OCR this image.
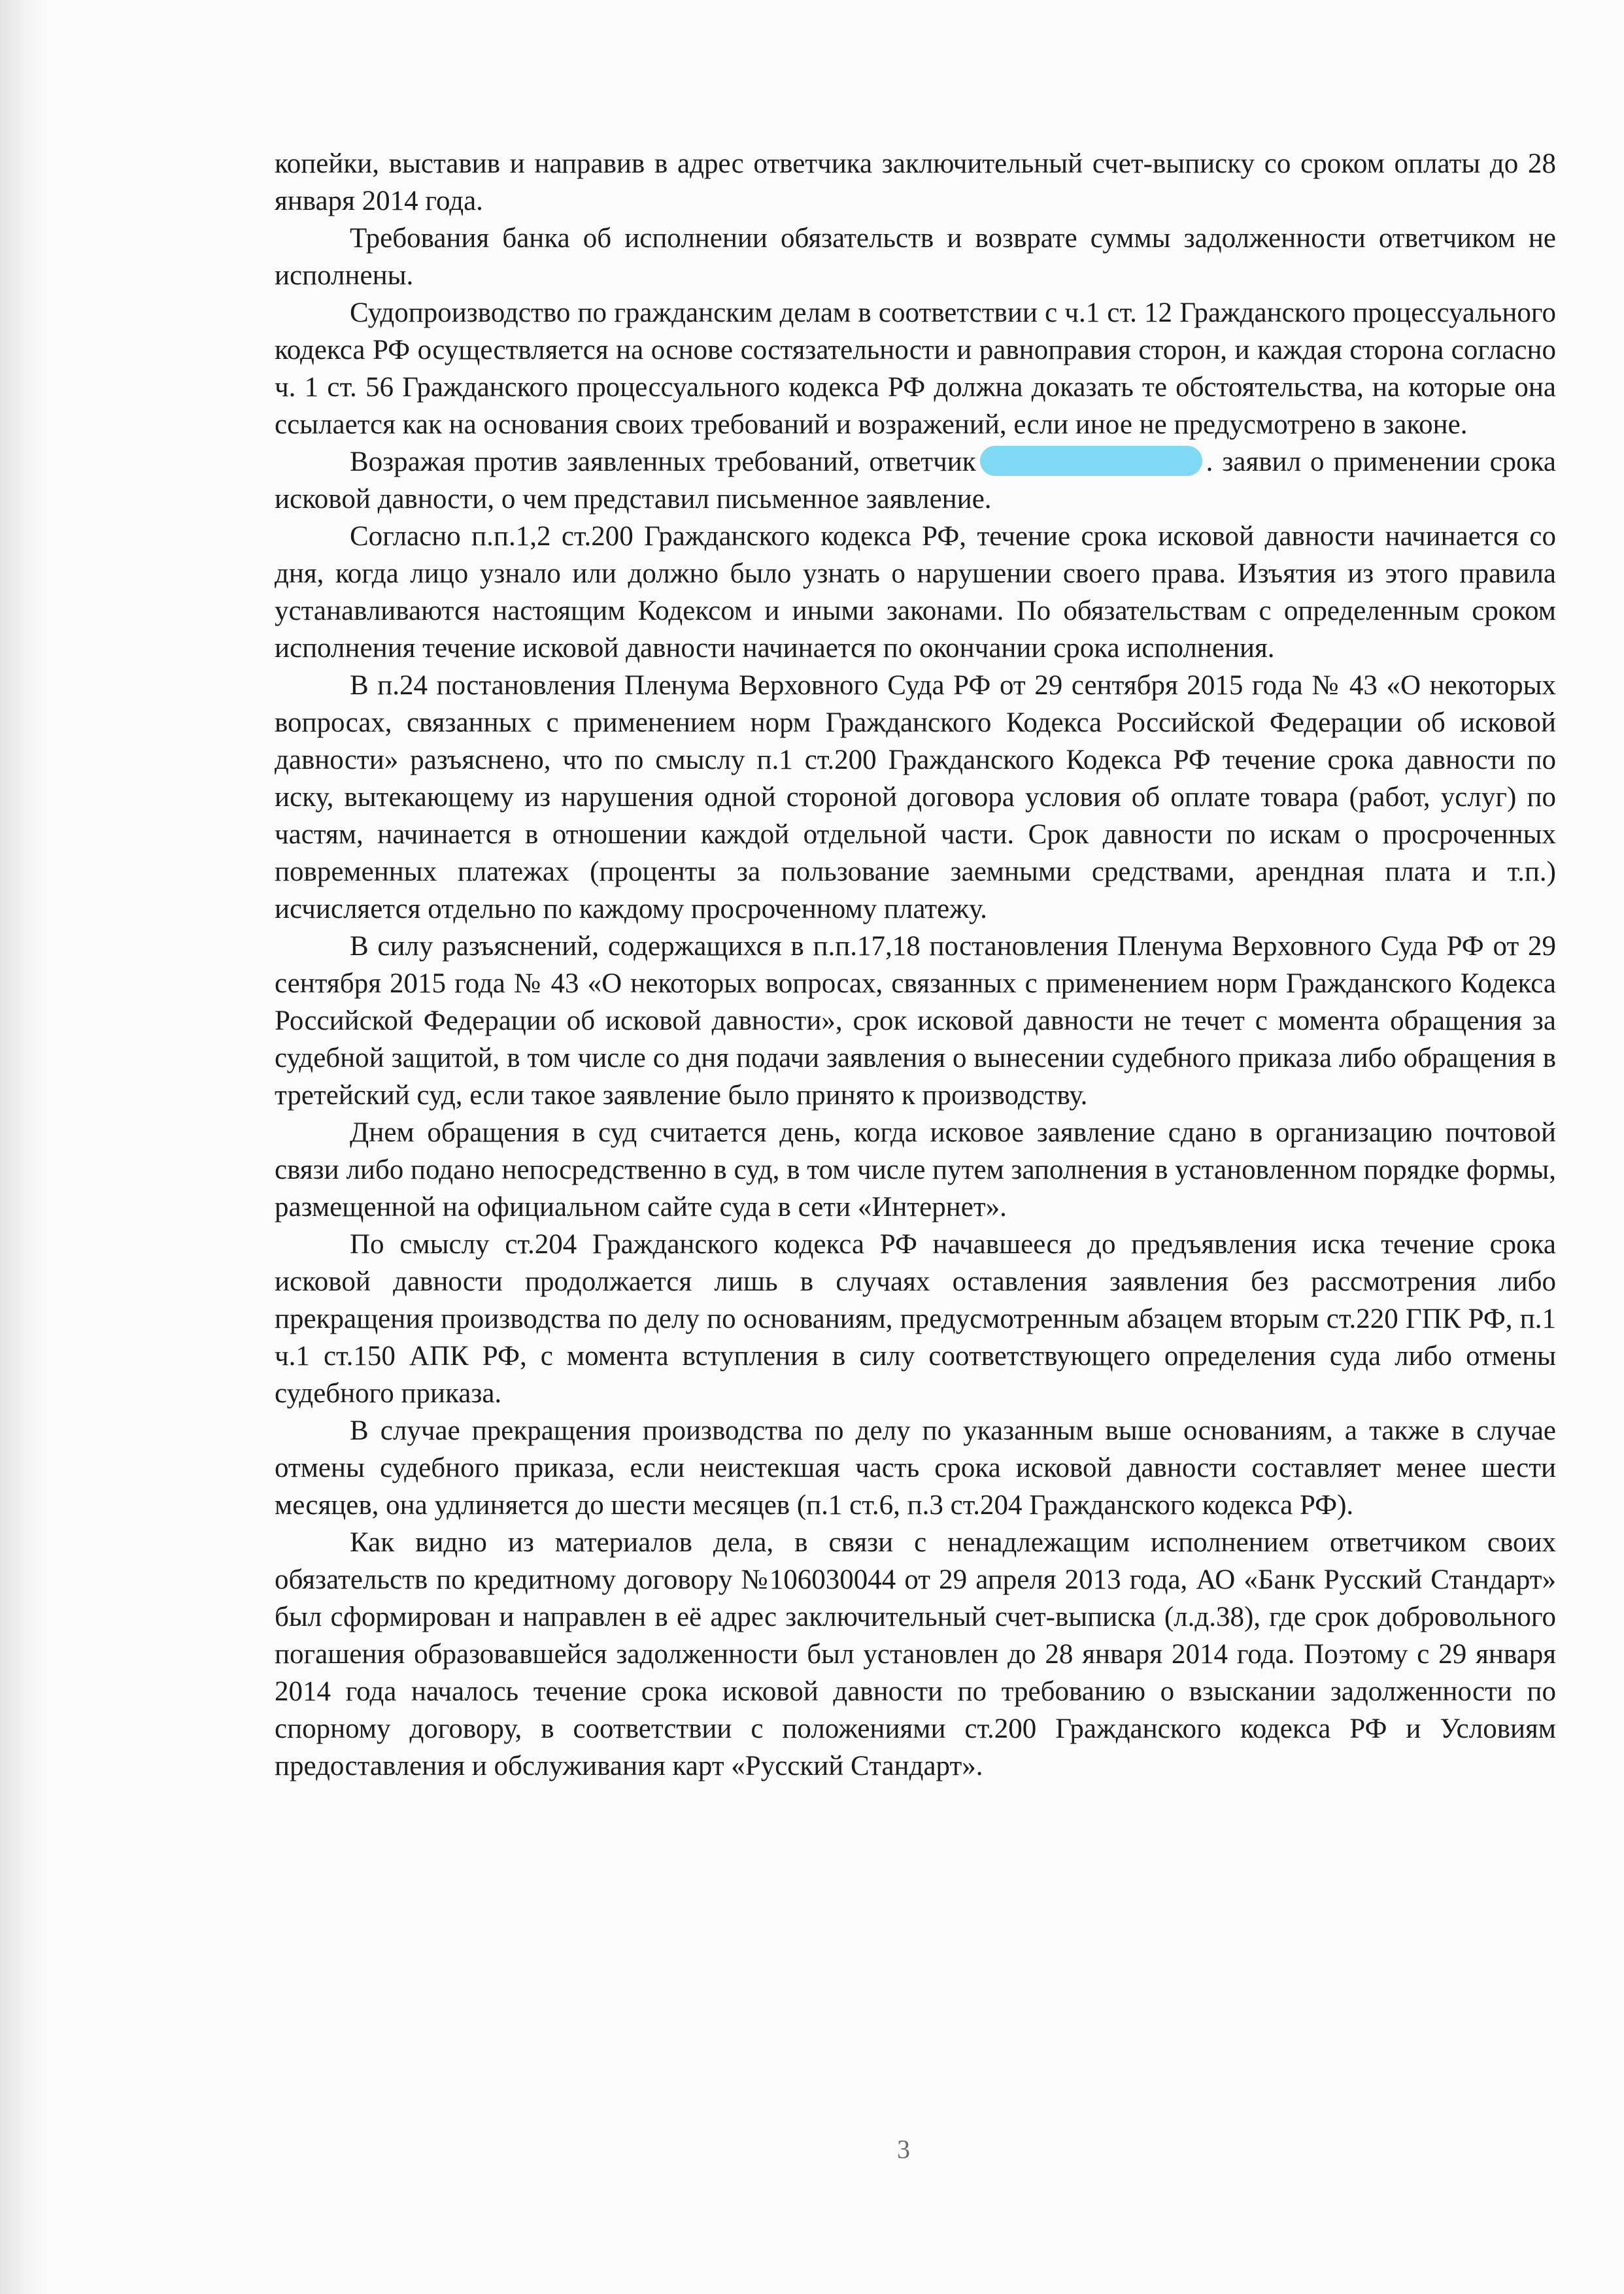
копейки, выставив и направив в адрес ответчика заключительный счет-выписку со сроком оплаты до 28 января 2014 года.

Требования банка об исполнении обязательств и возврате суммы задолженности ответчиком не исполнены.

Судопроизводство по гражданским делам в соответствии с ч.1 ст. 12 Гражданского процессуального кодекса РФ осуществляется на основе состязательности и равноправия сторон, и каждая сторона согласно ч. 1 ст. 56 Гражданского процессуального кодекса РФ должна доказать те обстоятельства, на которые она ссылается как на основания своих требований и возражений, если иное не предусмотрено в законе.

Возражая против заявленных требований, ответчик	. заявил о применении срока исковой давности, о чем представил письменное заявление.

Согласно п.п.1,2 ст.200 Гражданского кодекса РФ, течение срока исковой давности начинается со дня, когда лицо узнало или должно было узнать о нарушении своего права. Изъятия из этого правила устанавливаются настоящим Кодексом и иными законами. По обязательствам с определенным сроком исполнения течение исковой давности начинается по окончании срока исполнения.

В п.24 постановления Пленума Верховного Суда РФ от 29 сентября 2015 года № 43 «О некоторых вопросах, связанных с применением норм Гражданского Кодекса Российской Федерации об исковой давности» разъяснено, что по смыслу п.1 ст.200 Гражданского Кодекса РФ течение срока давности по иску, вытекающему из нарушения одной стороной договора условия об оплате товара (работ, услуг) по частям, начинается в отношении каждой отдельной части. Срок давности по искам о просроченных повременных платежах (проценты за пользование заемными средствами, арендная плата и т.п.) исчисляется отдельно по каждому просроченному платежу.

В силу разъяснений, содержащихся в п.п.17,18 постановления Пленума Верховного Суда РФ от 29 сентября 2015 года № 43 «О некоторых вопросах, связанных с применением норм Гражданского Кодекса Российской Федерации об исковой давности», срок исковой давности не течет с момента обращения за судебной защитой, в том числе со дня подачи заявления о вынесении судебного приказа либо обращения в третейский суд, если такое заявление было принято к производству.

Днем обращения в суд считается день, когда исковое заявление сдано в организацию почтовой связи либо подано непосредственно в суд, в том числе путем заполнения в установленном порядке формы, размещенной на официальном сайте суда в сети «Интернет».

По смыслу ст.204 Гражданского кодекса РФ начавшееся до предъявления иска течение срока исковой давности продолжается лишь в случаях оставления заявления без рассмотрения либо прекращения производства по делу по основаниям, предусмотренным абзацем вторым ст.220 ГПК РФ, п.1 ч.1 ст.150 АПК РФ, с момента вступления в силу соответствующего определения суда либо отмены судебного приказа.

В случае прекращения производства по делу по указанным выше основаниям, а также в случае отмены судебного приказа, если неистекшая часть срока исковой давности составляет менее шести месяцев, она удлиняется до шести месяцев (п.1 ст.6, п.3 ст.204 Гражданского кодекса РФ).

Как видно из материалов дела, в связи с ненадлежащим исполнением ответчиком своих обязательств по кредитному договору №106030044 от 29 апреля 2013 года, АО «Банк Русский Стандарт» был сформирован и направлен в её адрес заключительный счет-выписка (л.д.38), где срок добровольного погашения образовавшейся задолженности был установлен до 28 января 2014 года. Поэтому с 29 января 2014 года началось течение срока исковой давности по требованию о взыскании задолженности по спорному договору, в соответствии с положениями ст.200 Гражданского кодекса РФ и Условиям предоставления и обслуживания карт «Русский Стандарт».

3
